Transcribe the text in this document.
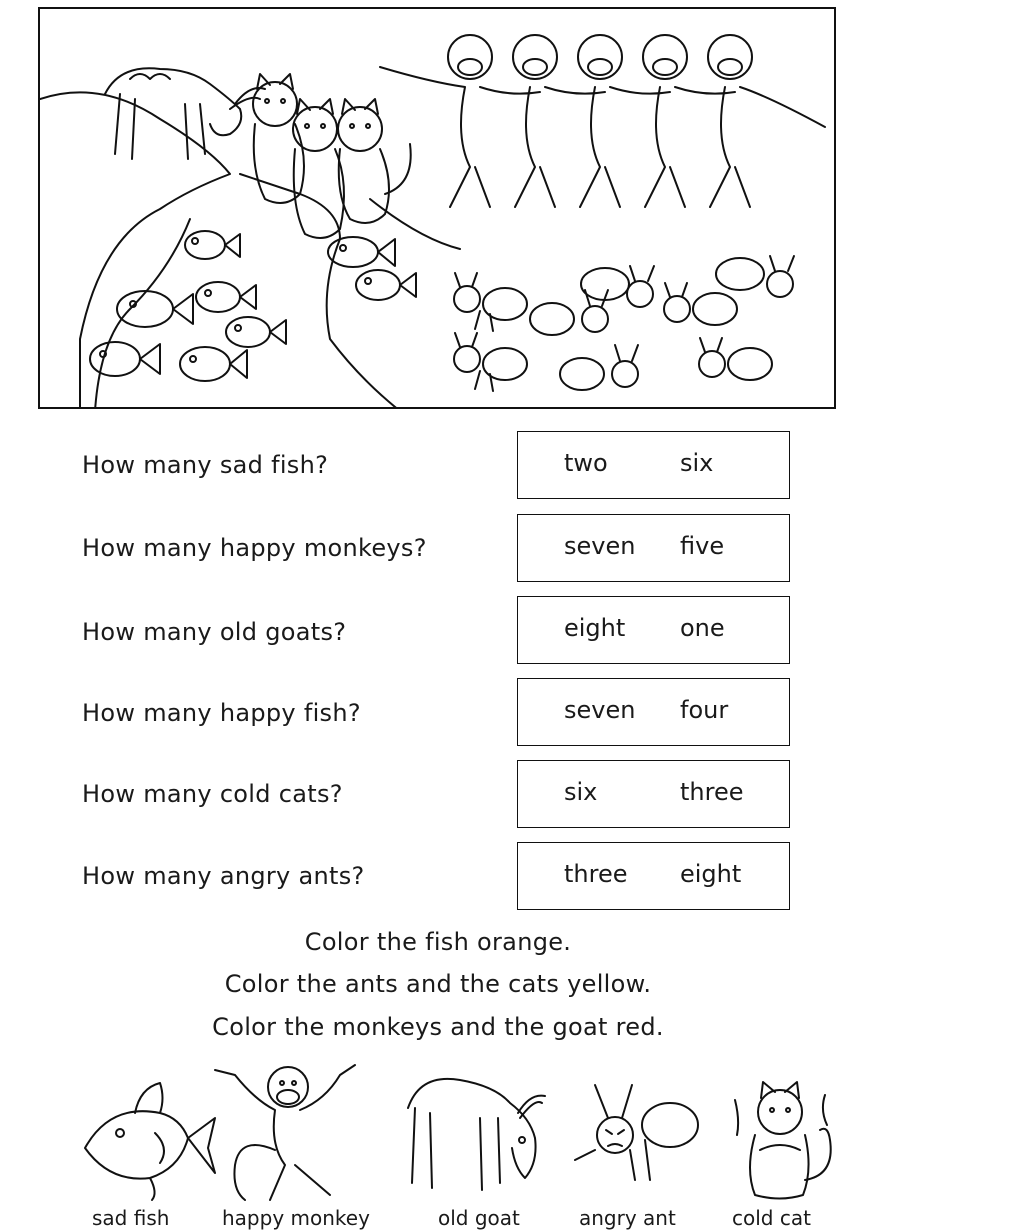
How many sad fish?	two	six
How many happy monkeys?	seven five
How many old goats?	eight one
How many happy fish?	seven four
How many cold cats?	six	three
How many angry ants?	three eight
Color the fish orange.
Color the ants and the cats yellow.
Color the monkeys and the goat red.
sad fish	happy monkey	old goat	angry ant	cold cat
